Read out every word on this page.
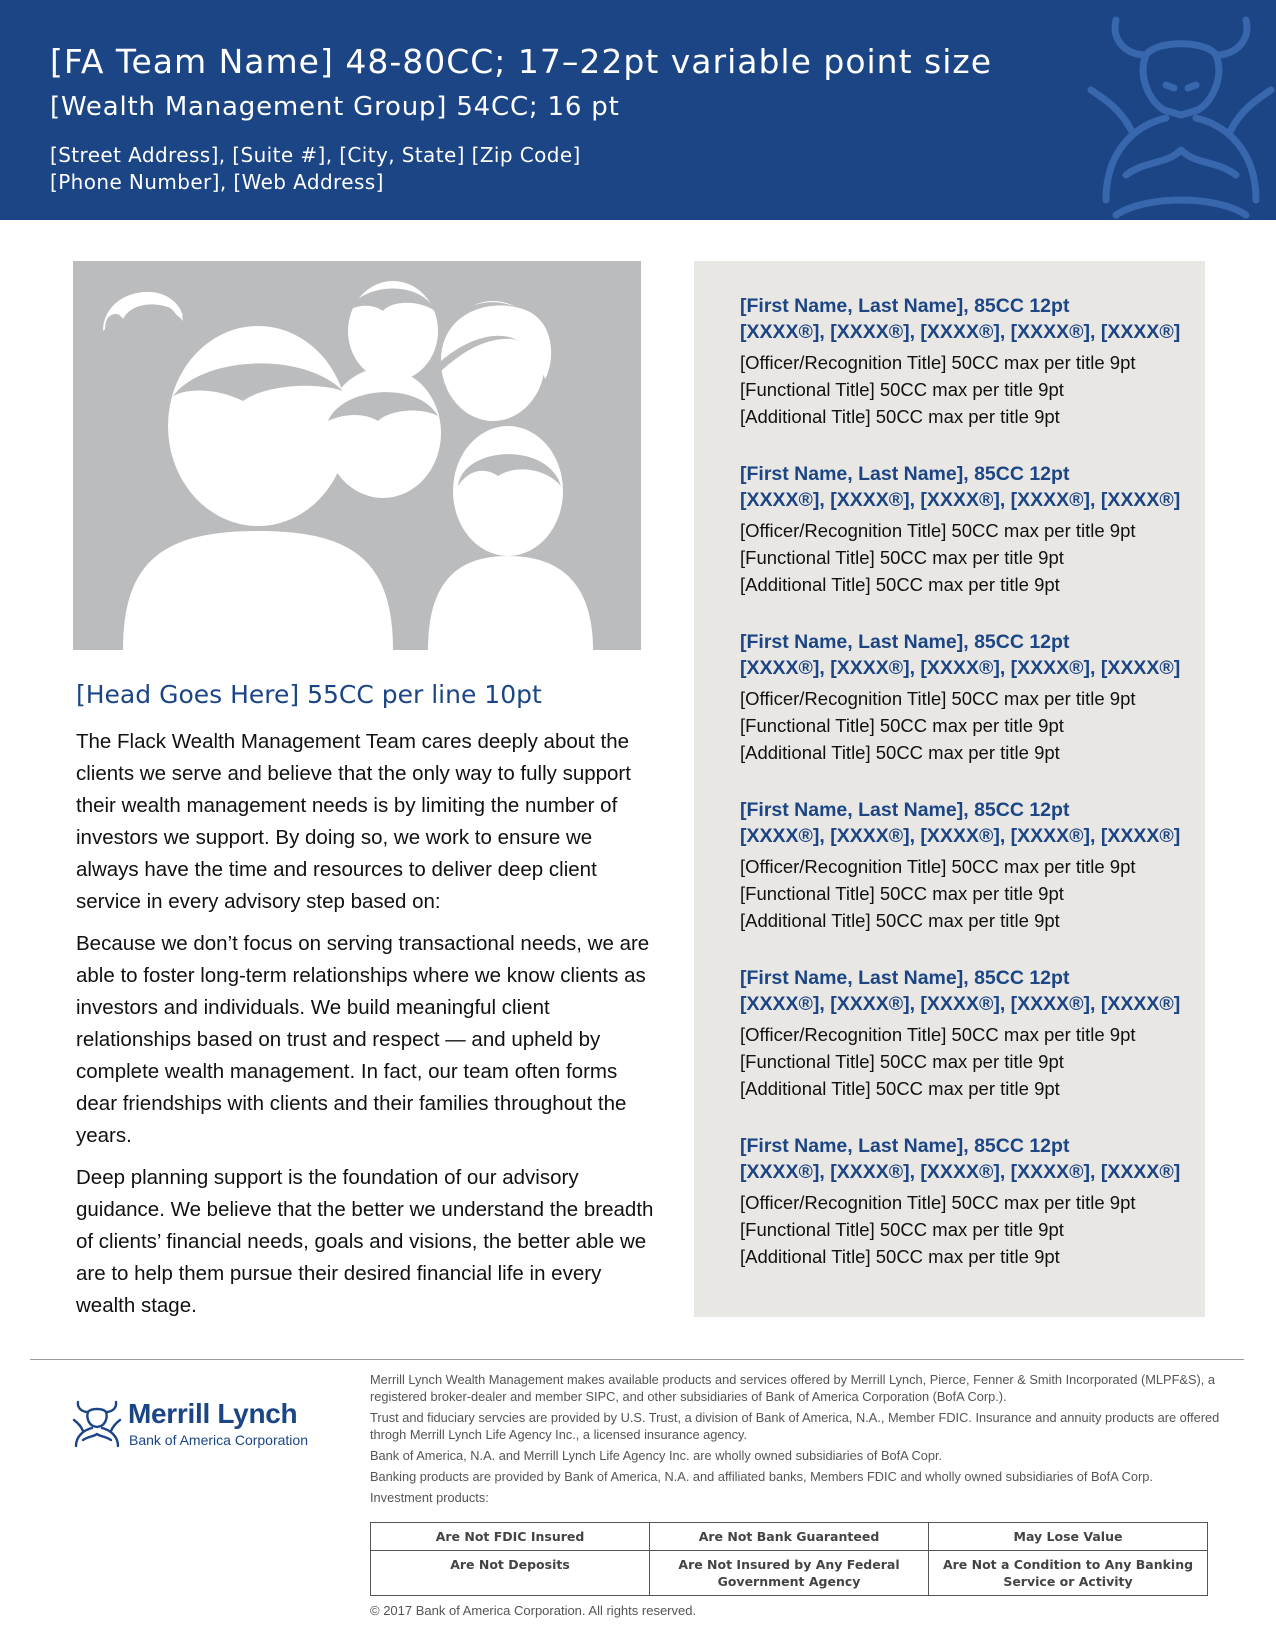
[FA Team Name] 48-80CC; 17–22pt variable point size
[Wealth Management Group] 54CC; 16 pt
[Street Address], [Suite #], [City, State] [Zip Code]
[Phone Number], [Web Address]
[Head Goes Here] 55CC per line 10pt

The Flack Wealth Management Team cares deeply about the clients we serve and believe that the only way to fully support their wealth management needs is by limiting the number of investors we support. By doing so, we work to ensure we always have the time and resources to deliver deep client service in every advisory step based on:

Because we don’t focus on serving transactional needs, we are able to foster long-term relationships where we know clients as investors and individuals. We build meaningful client relationships based on trust and respect — and upheld by complete wealth management. In fact, our team often forms dear friendships with clients and their families throughout the years.

Deep planning support is the foundation of our advisory guidance. We believe that the better we understand the breadth of clients’ financial needs, goals and visions, the better able we are to help them pursue their desired financial life in every wealth stage.

[First Name, Last Name], 85CC 12pt
[XXXX®], [XXXX®], [XXXX®], [XXXX®], [XXXX®]
[Officer/Recognition Title] 50CC max per title 9pt
[Functional Title] 50CC max per title 9pt
[Additional Title] 50CC max per title 9pt
[First Name, Last Name], 85CC 12pt
[XXXX®], [XXXX®], [XXXX®], [XXXX®], [XXXX®]
[Officer/Recognition Title] 50CC max per title 9pt
[Functional Title] 50CC max per title 9pt
[Additional Title] 50CC max per title 9pt
[First Name, Last Name], 85CC 12pt
[XXXX®], [XXXX®], [XXXX®], [XXXX®], [XXXX®]
[Officer/Recognition Title] 50CC max per title 9pt
[Functional Title] 50CC max per title 9pt
[Additional Title] 50CC max per title 9pt
[First Name, Last Name], 85CC 12pt
[XXXX®], [XXXX®], [XXXX®], [XXXX®], [XXXX®]
[Officer/Recognition Title] 50CC max per title 9pt
[Functional Title] 50CC max per title 9pt
[Additional Title] 50CC max per title 9pt
[First Name, Last Name], 85CC 12pt
[XXXX®], [XXXX®], [XXXX®], [XXXX®], [XXXX®]
[Officer/Recognition Title] 50CC max per title 9pt
[Functional Title] 50CC max per title 9pt
[Additional Title] 50CC max per title 9pt
[First Name, Last Name], 85CC 12pt
[XXXX®], [XXXX®], [XXXX®], [XXXX®], [XXXX®]
[Officer/Recognition Title] 50CC max per title 9pt
[Functional Title] 50CC max per title 9pt
[Additional Title] 50CC max per title 9pt
Merrill Lynch
Bank of America Corporation

Merrill Lynch Wealth Management makes available products and services offered by Merrill Lynch, Pierce, Fenner & Smith Incorporated (MLPF&S), a registered broker-dealer and member SIPC, and other subsidiaries of Bank of America Corporation (BofA Corp.).

Trust and fiduciary servcies are provided by U.S. Trust, a division of Bank of America, N.A., Member FDIC. Insurance and annuity products are offered throgh Merrill Lynch Life Agency Inc., a licensed insurance agency.

Bank of America, N.A. and Merrill Lynch Life Agency Inc. are wholly owned subsidiaries of BofA Copr.

Banking products are provided by Bank of America, N.A. and affiliated banks, Members FDIC and wholly owned subsidiaries of BofA Corp.

Investment products:

Are Not FDIC Insured	Are Not Bank Guaranteed	May Lose Value
Are Not Deposits	Are Not Insured by Any Federal Government Agency	Are Not a Condition to Any Banking Service or Activity
© 2017 Bank of America Corporation. All rights reserved.
